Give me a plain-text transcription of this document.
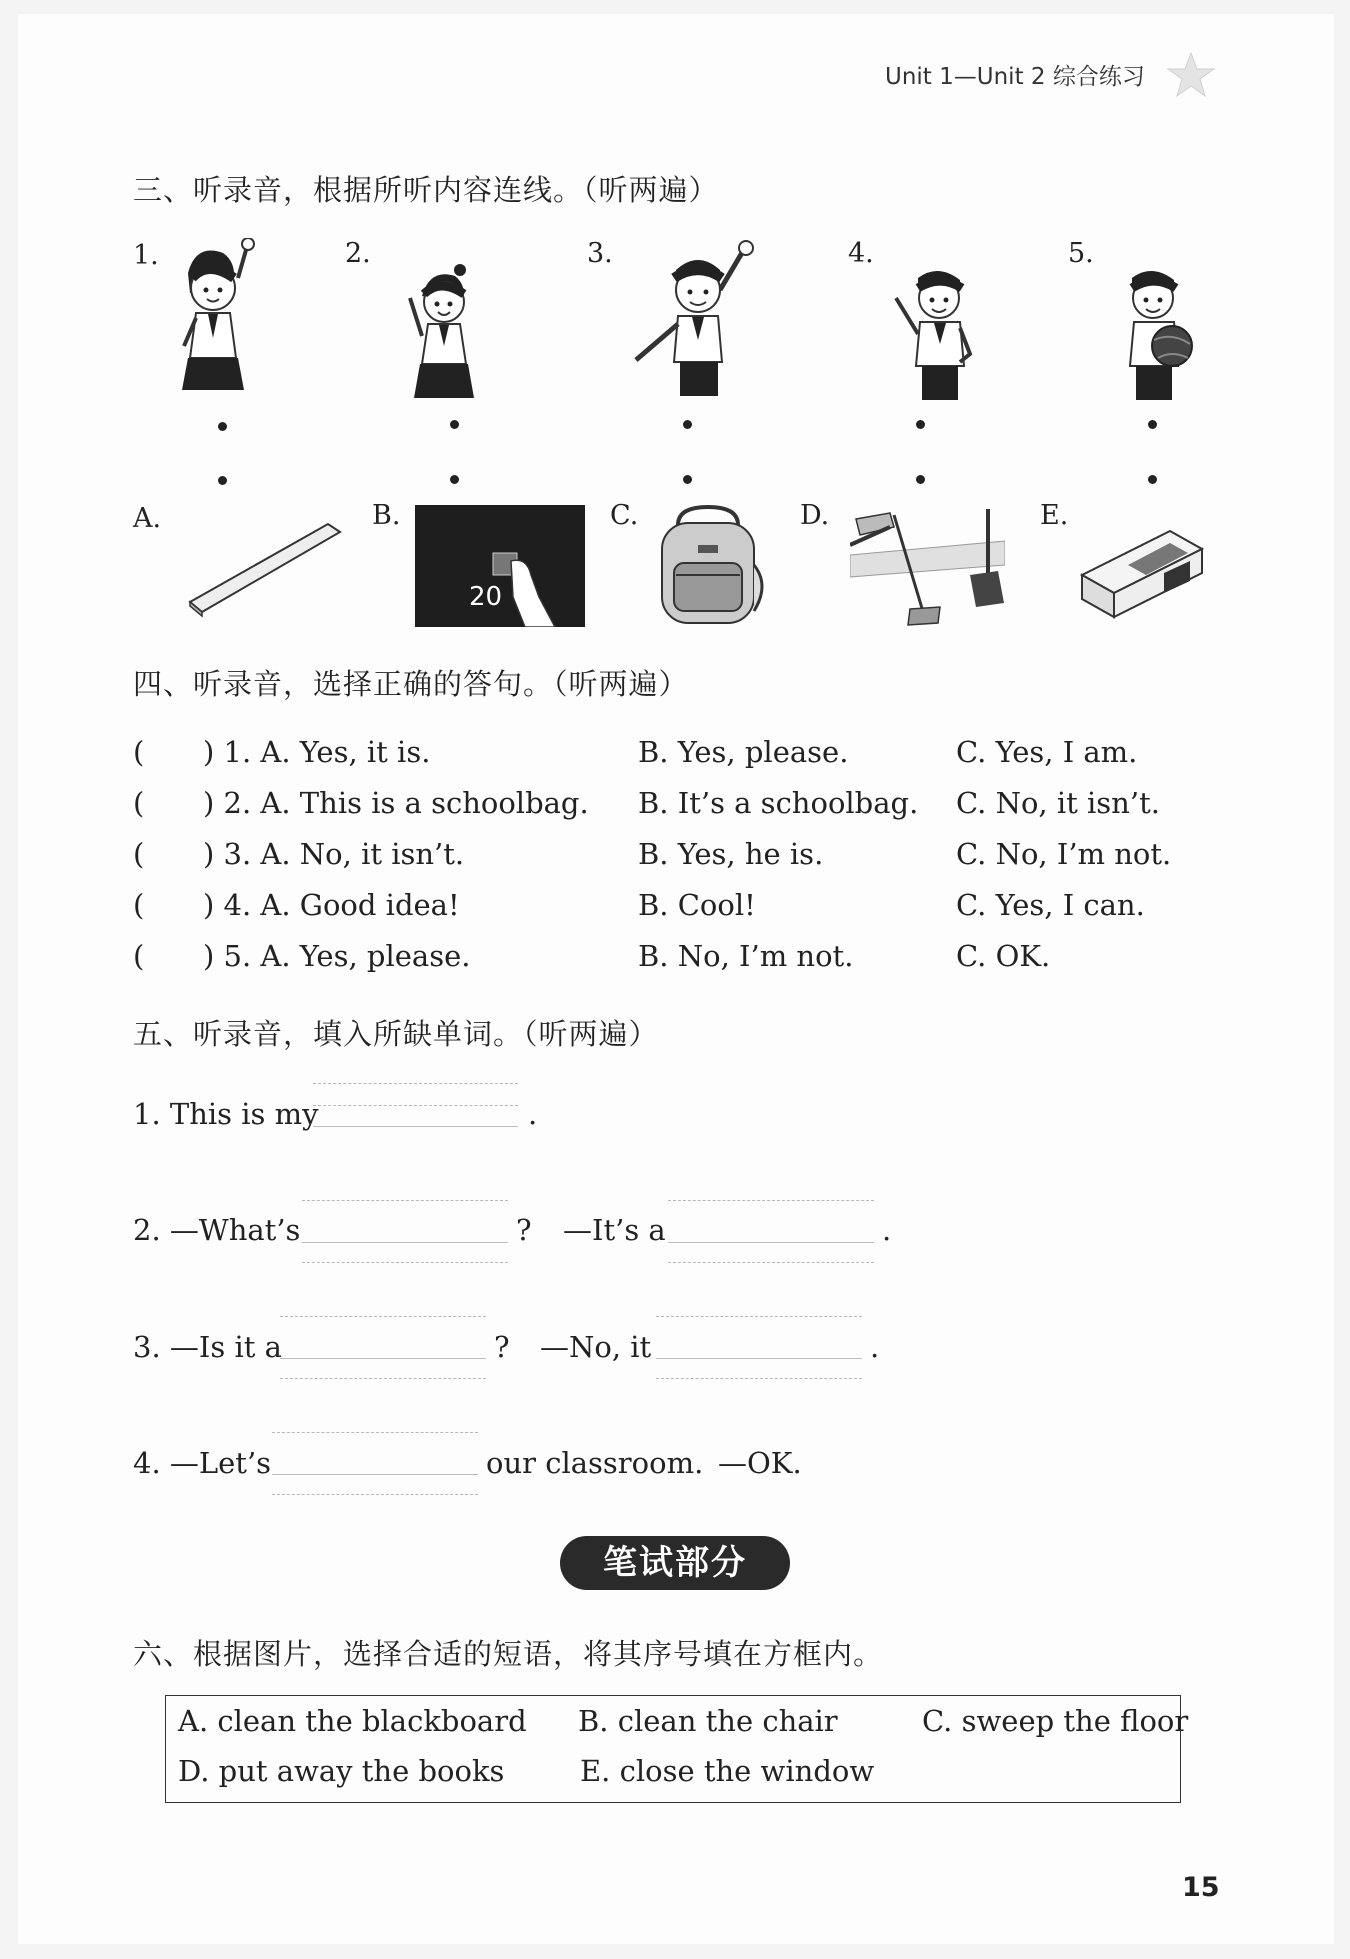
Unit 1—Unit 2 综合练习
三、听录音，根据所听内容连线。（听两遍）
1.	2.	3.	4.	5.
A.	B.	C.	D.	E.
20
四、听录音，选择正确的答句。（听两遍）
( ) 1. A. Yes, it is.	B. Yes, please.	C. Yes, I am.
( ) 2. A. This is a schoolbag. B. It’s a schoolbag. C. No, it isn’t.
( ) 3. A. No, it isn’t.	B. Yes, he is.	C. No, I’m not.
( ) 4. A. Good idea!	B. Cool!	C. Yes, I can.
( ) 5. A. Yes, please.	B. No, I’m not.	C. OK.
五、听录音，填入所缺单词。（听两遍）
1. This is my	.
2. —What’s	? —It’s a	.
3. —Is it a	? —No, it	.
4. —Let’s	our classroom. —OK.
笔试部分
六、根据图片，选择合适的短语，将其序号填在方框内。
A. clean the blackboard B. clean the chair	C. sweep the floor
D. put away the books	E. close the window
15
